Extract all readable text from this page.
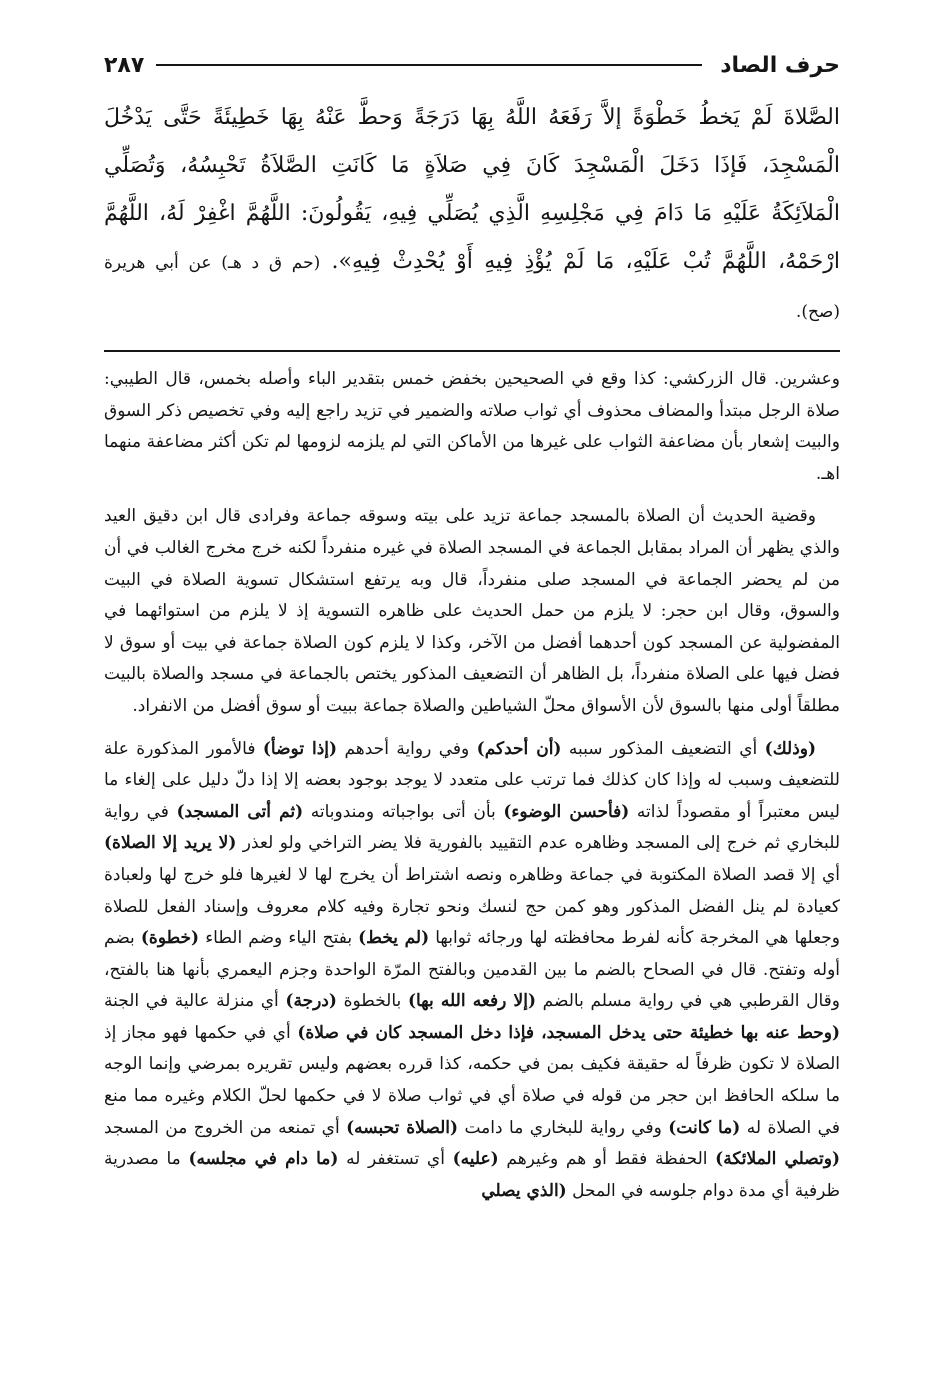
حرف الصاد
٢٨٧
الصَّلاةَ لَمْ يَخطُ خَطْوَةً إلاَّ رَفَعَهُ اللَّهُ بِهَا دَرَجَةً وَحطَّ عَنْهُ بِهَا خَطِيئَةً حَتَّى يَدْخُلَ الْمَسْجِدَ، فَإذَا دَخَلَ الْمَسْجِدَ كَانَ فِي صَلاَةٍ مَا كَانَتِ الصَّلاَةُ تَحْبِسُهُ، وَتُصَلِّي الْمَلاَئِكَةُ عَلَيْهِ مَا دَامَ فِي مَجْلِسِهِ الَّذِي يُصَلِّي فِيهِ، يَقُولُونَ: اللَّهُمَّ اغْفِرْ لَهُ، اللَّهُمَّ ارْحَمْهُ، اللَّهُمَّ تُبْ عَلَيْهِ، مَا لَمْ يُؤْذِ فِيهِ أَوْ يُحْدِثْ فِيهِ». (حم ق د هـ) عن أبي هريرة (صح).

وعشرين. قال الزركشي: كذا وقع في الصحيحين بخفض خمس بتقدير الباء وأصله بخمس، قال الطيبي: صلاة الرجل مبتدأ والمضاف محذوف أي ثواب صلاته والضمير في تزيد راجع إليه وفي تخصيص ذكر السوق والبيت إشعار بأن مضاعفة الثواب على غيرها من الأماكن التي لم يلزمه لزومها لم تكن أكثر مضاعفة منهما اهـ.

وقضية الحديث أن الصلاة بالمسجد جماعة تزيد على بيته وسوقه جماعة وفرادى قال ابن دقيق العيد والذي يظهر أن المراد بمقابل الجماعة في المسجد الصلاة في غيره منفرداً لكنه خرج مخرج الغالب في أن من لم يحضر الجماعة في المسجد صلى منفرداً، قال وبه يرتفع استشكال تسوية الصلاة في البيت والسوق، وقال ابن حجر: لا يلزم من حمل الحديث على ظاهره التسوية إذ لا يلزم من استوائهما في المفضولية عن المسجد كون أحدهما أفضل من الآخر، وكذا لا يلزم كون الصلاة جماعة في بيت أو سوق لا فضل فيها على الصلاة منفرداً، بل الظاهر أن التضعيف المذكور يختص بالجماعة في مسجد والصلاة بالبيت مطلقاً أولى منها بالسوق لأن الأسواق محلّ الشياطين والصلاة جماعة ببيت أو سوق أفضل من الانفراد.

(وذلك) أي التضعيف المذكور سببه (أن أحدكم) وفي رواية أحدهم (إذا توضأ) فالأمور المذكورة علة للتضعيف وسبب له وإذا كان كذلك فما ترتب على متعدد لا يوجد بوجود بعضه إلا إذا دلّ دليل على إلغاء ما ليس معتبراً أو مقصوداً لذاته (فأحسن الوضوء) بأن أتى بواجباته ومندوباته (ثم أتى المسجد) في رواية للبخاري ثم خرج إلى المسجد وظاهره عدم التقييد بالفورية فلا يضر التراخي ولو لعذر (لا يريد إلا الصلاة) أي إلا قصد الصلاة المكتوبة في جماعة وظاهره ونصه اشتراط أن يخرج لها لا لغيرها فلو خرج لها ولعبادة كعيادة لم ينل الفضل المذكور وهو كمن حج لنسك ونحو تجارة وفيه كلام معروف وإسناد الفعل للصلاة وجعلها هي المخرجة كأنه لفرط محافظته لها ورجائه ثوابها (لم يخط) بفتح الياء وضم الطاء (خطوة) بضم أوله وتفتح. قال في الصحاح بالضم ما بين القدمين وبالفتح المرّة الواحدة وجزم اليعمري بأنها هنا بالفتح، وقال القرطبي هي في رواية مسلم بالضم (إلا رفعه الله بها) بالخطوة (درجة) أي منزلة عالية في الجنة (وحط عنه بها خطيئة حتى يدخل المسجد، فإذا دخل المسجد كان في صلاة) أي في حكمها فهو مجاز إذ الصلاة لا تكون ظرفاً له حقيقة فكيف بمن في حكمه، كذا قرره بعضهم وليس تقريره بمرضي وإنما الوجه ما سلكه الحافظ ابن حجر من قوله في صلاة أي في ثواب صلاة لا في حكمها لحلّ الكلام وغيره مما منع في الصلاة له (ما كانت) وفي رواية للبخاري ما دامت (الصلاة تحبسه) أي تمنعه من الخروج من المسجد (وتصلي الملائكة) الحفظة فقط أو هم وغيرهم (عليه) أي تستغفر له (ما دام في مجلسه) ما مصدرية ظرفية أي مدة دوام جلوسه في المحل (الذي يصلي
